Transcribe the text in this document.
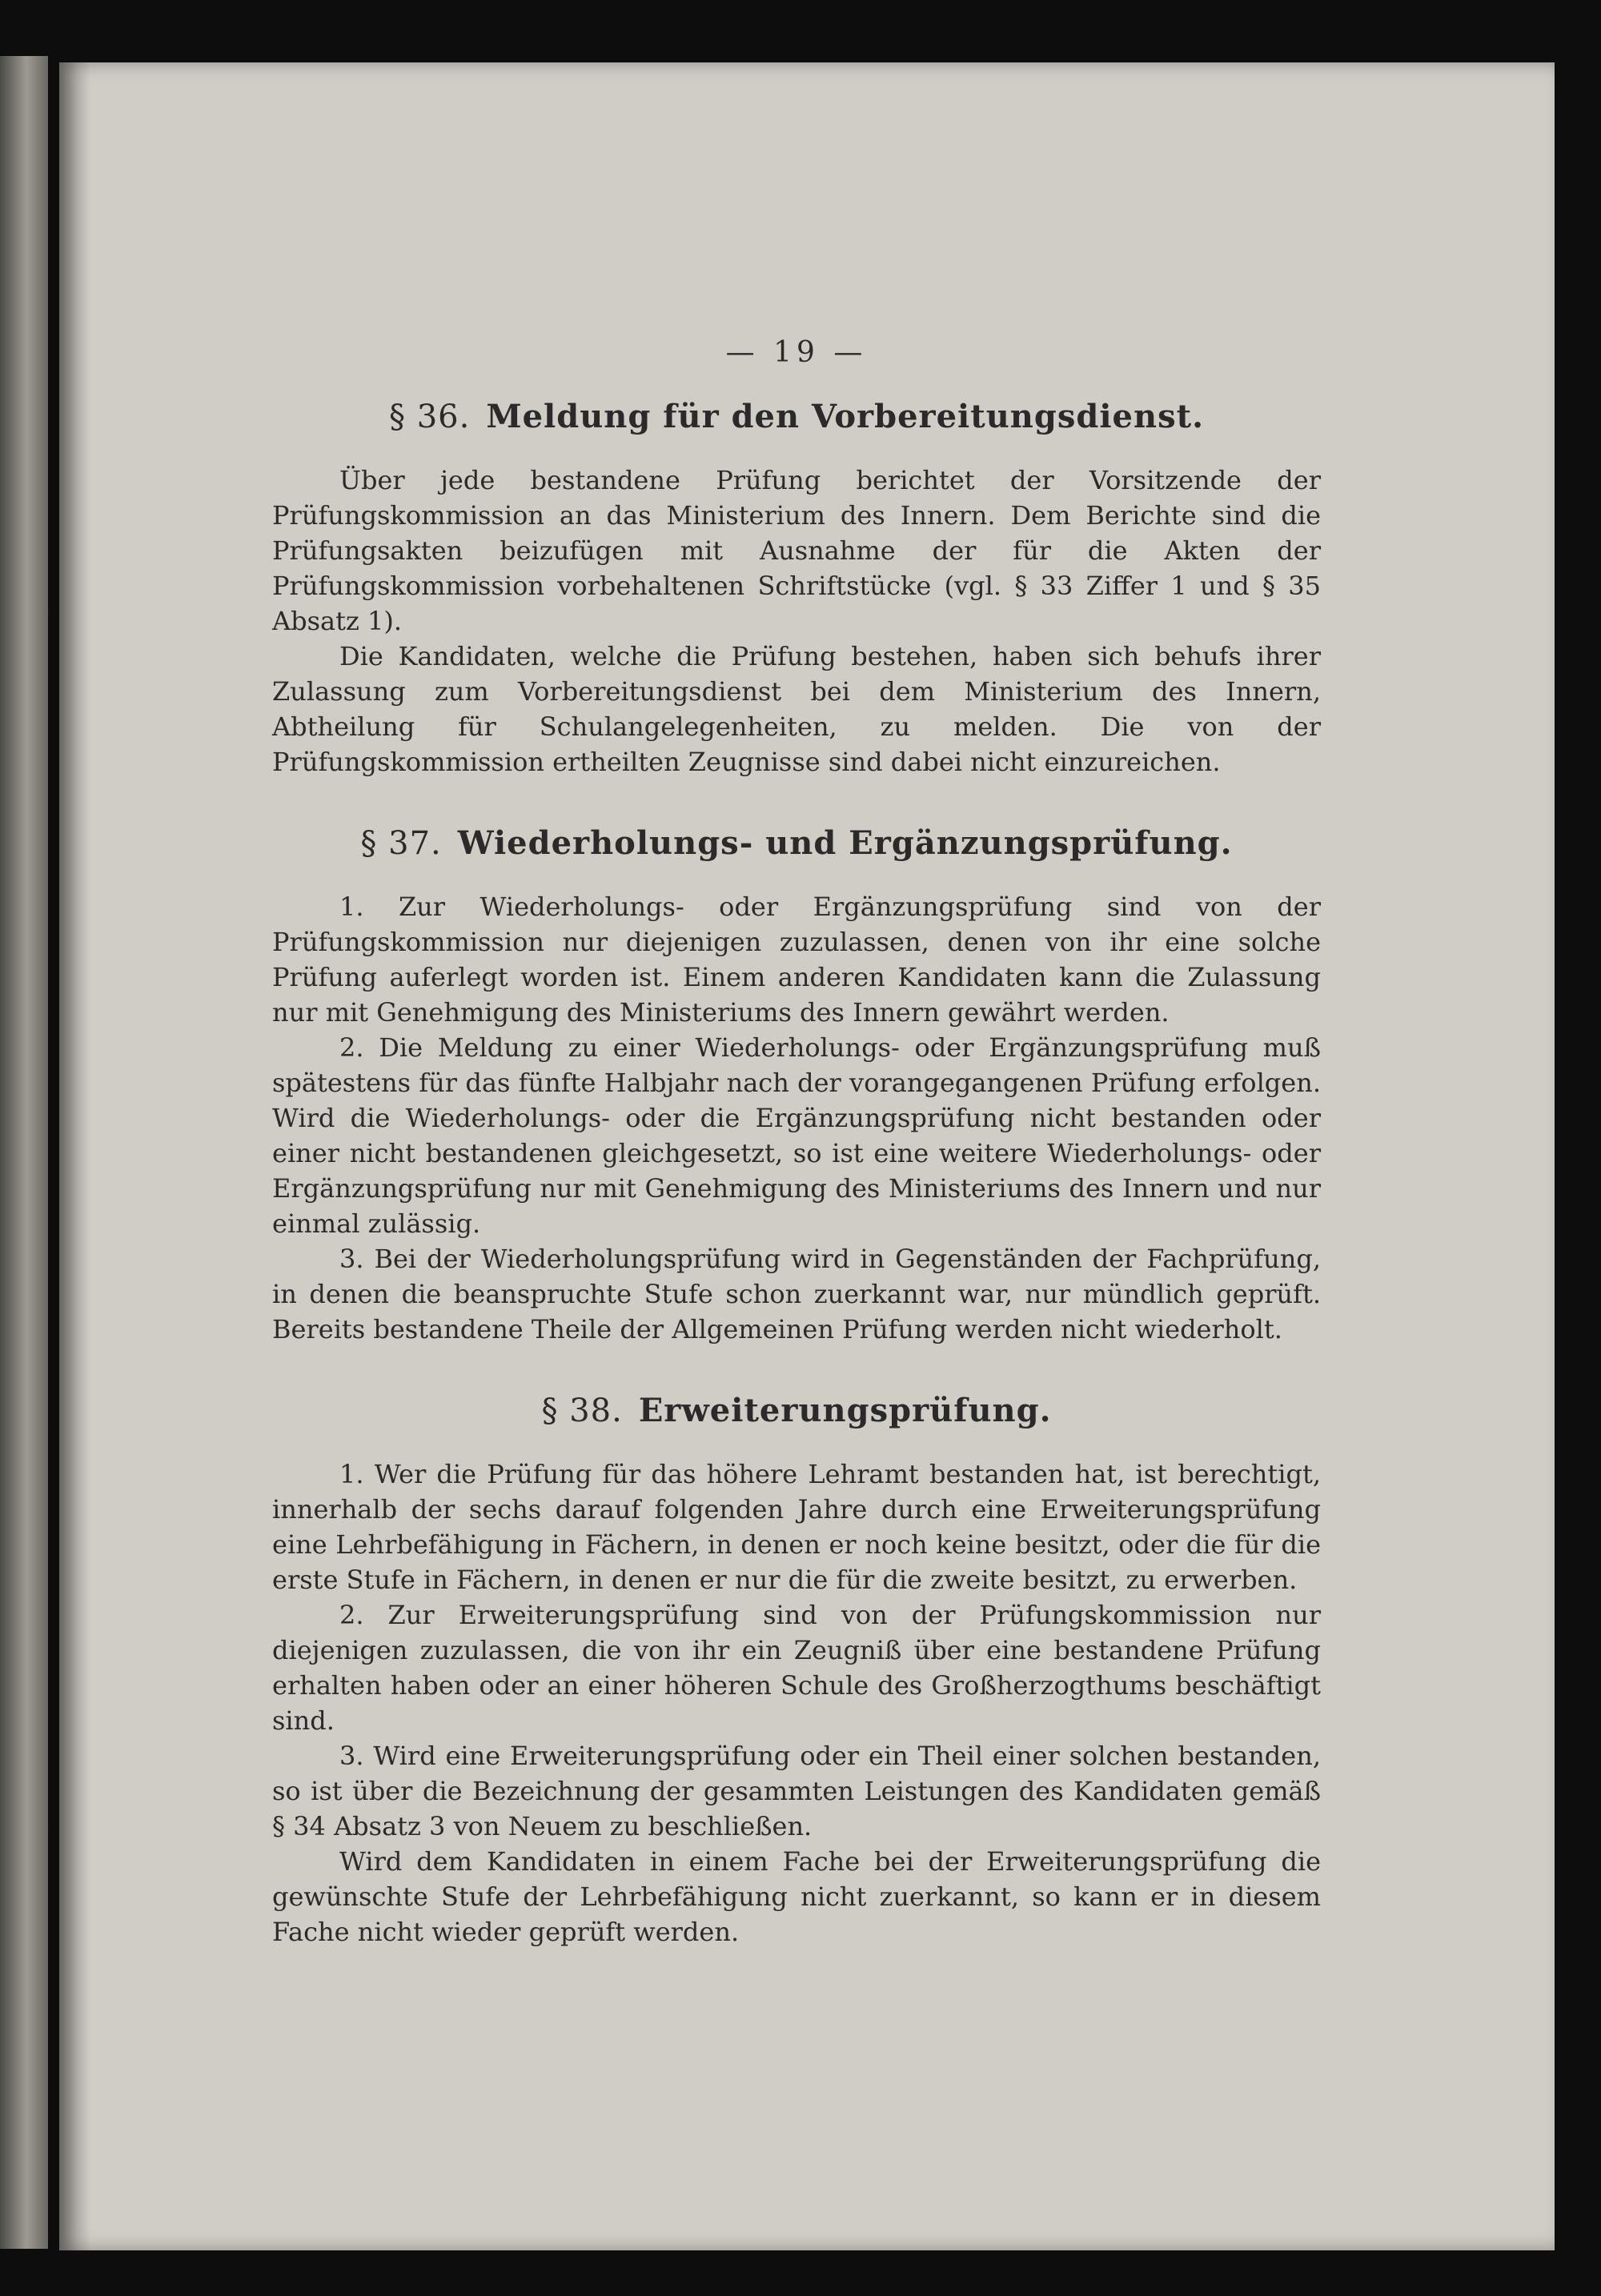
— 19 —
§ 36. Meldung für den Vorbereitungsdienst.

Über jede bestandene Prüfung berichtet der Vorsitzende der Prüfungskommission an das Ministerium des Innern. Dem Berichte sind die Prüfungsakten beizufügen mit Ausnahme der für die Akten der Prüfungskommission vorbehaltenen Schriftstücke (vgl. § 33 Ziffer 1 und § 35 Absatz 1).

Die Kandidaten, welche die Prüfung bestehen, haben sich behufs ihrer Zulassung zum Vorbereitungsdienst bei dem Ministerium des Innern, Abtheilung für Schulangelegenheiten, zu melden. Die von der Prüfungskommission ertheilten Zeugnisse sind dabei nicht einzureichen.

§ 37. Wiederholungs- und Ergänzungsprüfung.

1. Zur Wiederholungs- oder Ergänzungsprüfung sind von der Prüfungskommission nur diejenigen zuzulassen, denen von ihr eine solche Prüfung auferlegt worden ist. Einem anderen Kandidaten kann die Zulassung nur mit Genehmigung des Ministeriums des Innern gewährt werden.

2. Die Meldung zu einer Wiederholungs- oder Ergänzungsprüfung muß spätestens für das fünfte Halbjahr nach der vorangegangenen Prüfung erfolgen. Wird die Wiederholungs- oder die Ergänzungsprüfung nicht bestanden oder einer nicht bestandenen gleichgesetzt, so ist eine weitere Wiederholungs- oder Ergänzungsprüfung nur mit Genehmigung des Ministeriums des Innern und nur einmal zulässig.

3. Bei der Wiederholungsprüfung wird in Gegenständen der Fachprüfung, in denen die beanspruchte Stufe schon zuerkannt war, nur mündlich geprüft. Bereits bestandene Theile der Allgemeinen Prüfung werden nicht wiederholt.

§ 38. Erweiterungsprüfung.

1. Wer die Prüfung für das höhere Lehramt bestanden hat, ist berechtigt, innerhalb der sechs darauf folgenden Jahre durch eine Erweiterungsprüfung eine Lehrbefähigung in Fächern, in denen er noch keine besitzt, oder die für die erste Stufe in Fächern, in denen er nur die für die zweite besitzt, zu erwerben.

2. Zur Erweiterungsprüfung sind von der Prüfungskommission nur diejenigen zuzulassen, die von ihr ein Zeugniß über eine bestandene Prüfung erhalten haben oder an einer höheren Schule des Großherzogthums beschäftigt sind.

3. Wird eine Erweiterungsprüfung oder ein Theil einer solchen bestanden, so ist über die Bezeichnung der gesammten Leistungen des Kandidaten gemäß § 34 Absatz 3 von Neuem zu beschließen.

Wird dem Kandidaten in einem Fache bei der Erweiterungsprüfung die gewünschte Stufe der Lehrbefähigung nicht zuerkannt, so kann er in diesem Fache nicht wieder geprüft werden.
